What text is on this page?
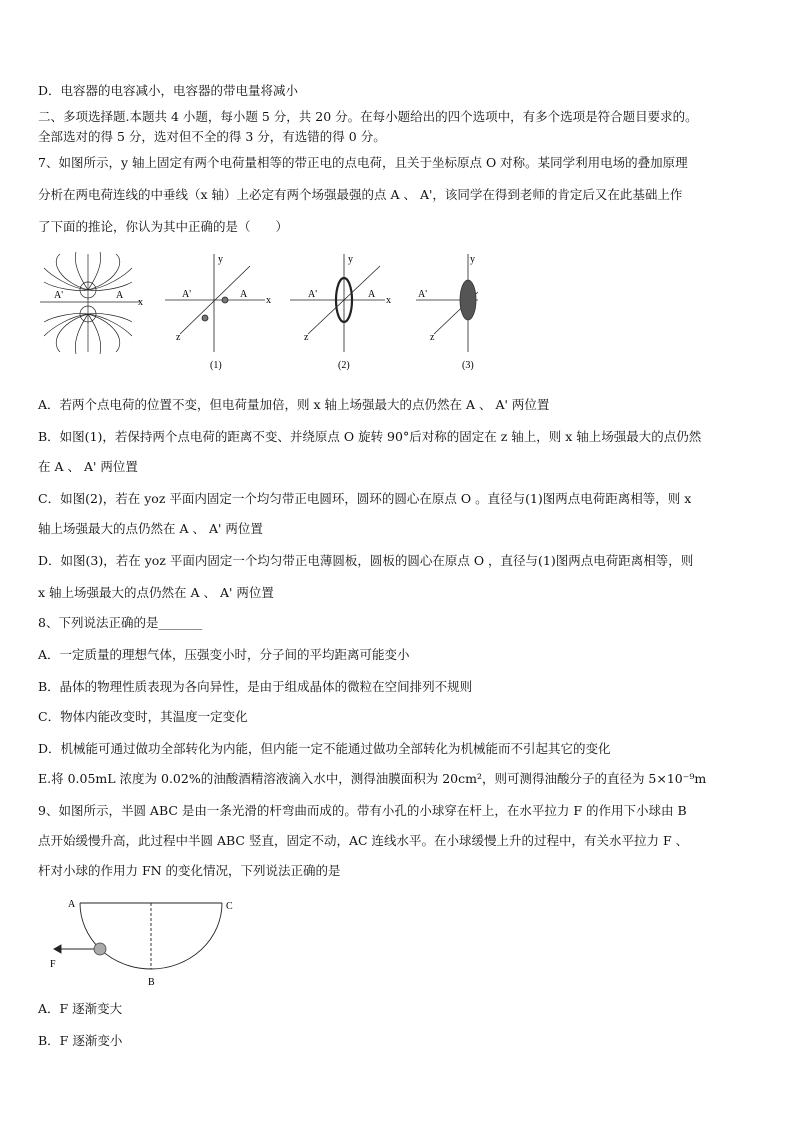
D．电容器的电容减小，电容器的带电量将减小
二、多项选择题.本题共 4 小题，每小题 5 分，共 20 分。在每小题给出的四个选项中，有多个选项是符合题目要求的。
全部选对的得 5 分，选对但不全的得 3 分，有选错的得 0 分。
7、如图所示，y 轴上固定有两个电荷量相等的带正电的点电荷，且关于坐标原点 O 对称。某同学利用电场的叠加原理
分析在两电荷连线的中垂线（x 轴）上必定有两个场强最强的点 A 、 A'，该同学在得到老师的肯定后又在此基础上作
了下面的推论，你认为其中正确的是（　　）
A'	A
x
y
x
z
A'	A
(1)
y
x
z
A'	A
(2)
y
z
A'
(3)
A．若两个点电荷的位置不变，但电荷量加倍，则 x 轴上场强最大的点仍然在 A 、 A' 两位置
B．如图(1)，若保持两个点电荷的距离不变、并绕原点 O 旋转 90°后对称的固定在 z 轴上，则 x 轴上场强最大的点仍然
在 A 、 A' 两位置
C．如图(2)，若在 yoz 平面内固定一个均匀带正电圆环，圆环的圆心在原点 O 。直径与(1)图两点电荷距离相等，则 x
轴上场强最大的点仍然在 A 、 A' 两位置
D．如图(3)，若在 yoz 平面内固定一个均匀带正电薄圆板，圆板的圆心在原点 O ，直径与(1)图两点电荷距离相等，则
x 轴上场强最大的点仍然在 A 、 A' 两位置
8、下列说法正确的是_______
A．一定质量的理想气体，压强变小时，分子间的平均距离可能变小
B．晶体的物理性质表现为各向异性，是由于组成晶体的微粒在空间排列不规则
C．物体内能改变时，其温度一定变化
D．机械能可通过做功全部转化为内能，但内能一定不能通过做功全部转化为机械能而不引起其它的变化
E.将 0.05mL 浓度为 0.02%的油酸酒精溶液滴入水中，测得油膜面积为 20cm²，则可测得油酸分子的直径为 5×10⁻⁹m
9、如图所示，半圆 ABC 是由一条光滑的杆弯曲而成的。带有小孔的小球穿在杆上，在水平拉力 F 的作用下小球由 B
点开始缓慢升高，此过程中半圆 ABC 竖直，固定不动，AC 连线水平。在小球缓慢上升的过程中，有关水平拉力 F 、
杆对小球的作用力 FN 的变化情况，下列说法正确的是
A	C
B
F
A．F 逐渐变大
B．F 逐渐变小
